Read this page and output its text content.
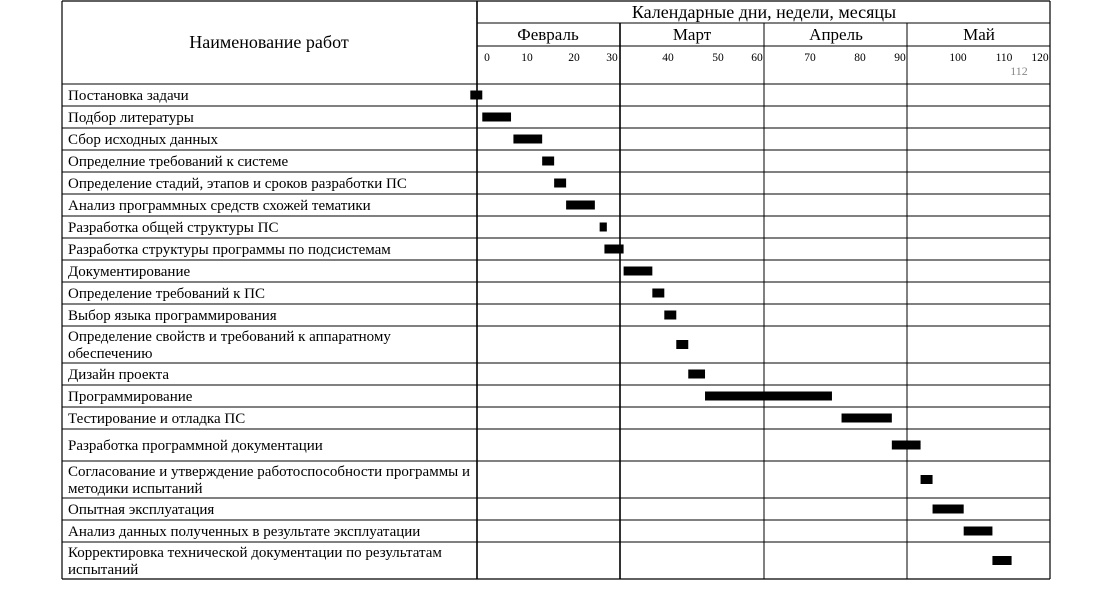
Наименование работ
Календарные дни, недели, месяцы
Февраль	Март	Апрель	Май
0	10	20 30	40	50 60	70	80 90	100	110 120
112
Постановка задачи
Подбор литературы
Сбор исходных данных
Определние требований к системе
Определение стадий, этапов и сроков разработки ПС
Анализ программных средств схожей тематики
Разработка общей структуры ПС
Разработка структуры программы по подсистемам
Документирование
Определение требований к ПС
Выбор языка программирования
Определение свойств и требований к аппаратному обеспечению
Дизайн проекта
Программирование
Тестирование и отладка ПС
Разработка программной документации
Согласование и утверждение работоспособности программы и методики испытаний
Опытная эксплуатация
Анализ данных полученных в результате эксплуатации
Корректировка технической документации по результатам испытаний
